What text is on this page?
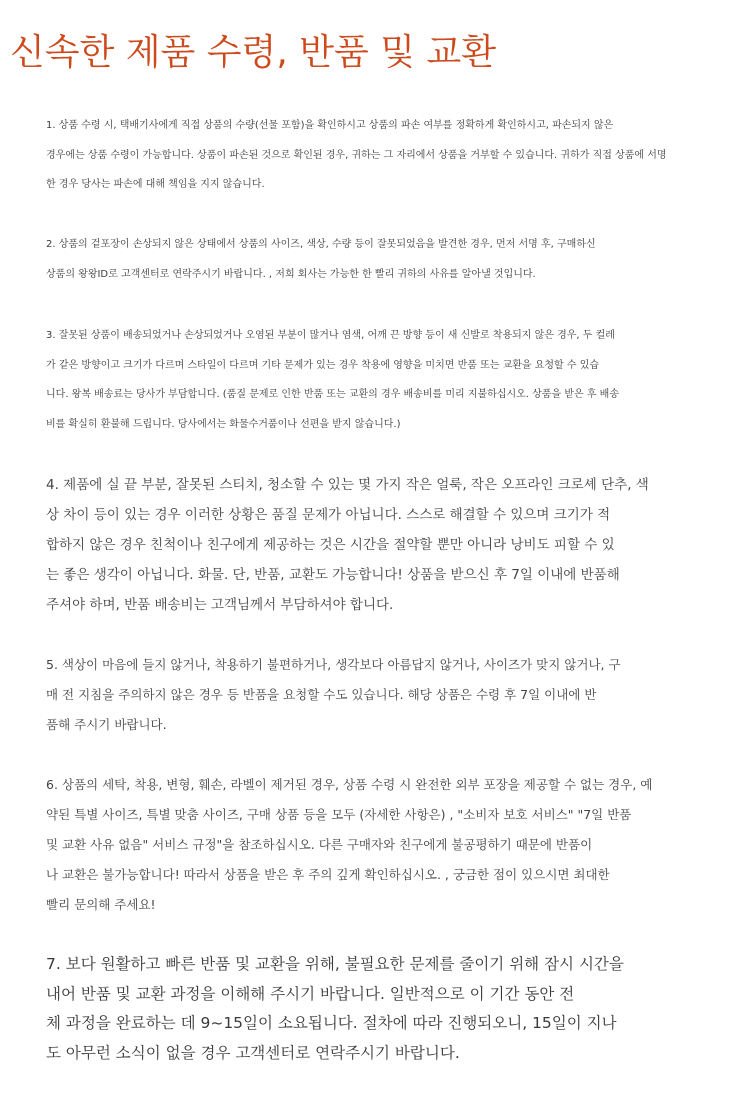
신속한 제품 수령, 반품 및 교환
1. 상품 수령 시, 택배기사에게 직접 상품의 수량(선물 포함)을 확인하시고 상품의 파손 여부를 정확하게 확인하시고, 파손되지 않은
경우에는 상품 수령이 가능합니다. 상품이 파손된 것으로 확인된 경우, 귀하는 그 자리에서 상품을 거부할 수 있습니다. 귀하가 직접 상품에 서명
한 경우 당사는 파손에 대해 책임을 지지 않습니다.
2. 상품의 겉포장이 손상되지 않은 상태에서 상품의 사이즈, 색상, 수량 등이 잘못되었음을 발견한 경우, 먼저 서명 후, 구매하신
상품의 왕왕ID로 고객센터로 연락주시기 바랍니다. , 저희 회사는 가능한 한 빨리 귀하의 사유를 알아낼 것입니다.
3. 잘못된 상품이 배송되었거나 손상되었거나 오염된 부분이 많거나 염색, 어깨 끈 방향 등이 새 신발로 착용되지 않은 경우, 두 컬레
가 같은 방향이고 크기가 다르며 스타일이 다르며 기타 문제가 있는 경우 착용에 영향을 미치면 반품 또는 교환을 요청할 수 있습
니다. 왕복 배송료는 당사가 부담합니다. (품질 문제로 인한 반품 또는 교환의 경우 배송비를 미리 지불하십시오. 상품을 받은 후 배송
비를 확실히 환불해 드립니다. 당사에서는 화물수거품이나 선편을 받지 않습니다.)
4. 제품에 실 끝 부분, 잘못된 스티치, 청소할 수 있는 몇 가지 작은 얼룩, 작은 오프라인 크로셰 단추, 색
상 차이 등이 있는 경우 이러한 상황은 품질 문제가 아닙니다. 스스로 해결할 수 있으며 크기가 적
합하지 않은 경우 친척이나 친구에게 제공하는 것은 시간을 절약할 뿐만 아니라 낭비도 피할 수 있
는 좋은 생각이 아닙니다. 화물. 단, 반품, 교환도 가능합니다! 상품을 받으신 후 7일 이내에 반품해
주셔야 하며, 반품 배송비는 고객님께서 부담하셔야 합니다.
5. 색상이 마음에 들지 않거나, 착용하기 불편하거나, 생각보다 아름답지 않거나, 사이즈가 맞지 않거나, 구
매 전 지침을 주의하지 않은 경우 등 반품을 요청할 수도 있습니다. 해당 상품은 수령 후 7일 이내에 반
품해 주시기 바랍니다.
6. 상품의 세탁, 착용, 변형, 훼손, 라벨이 제거된 경우, 상품 수령 시 완전한 외부 포장을 제공할 수 없는 경우, 예
약된 특별 사이즈, 특별 맞춤 사이즈, 구매 상품 등을 모두 (자세한 사항은) , "소비자 보호 서비스" "7일 반품
및 교환 사유 없음" 서비스 규정"을 참조하십시오. 다른 구매자와 친구에게 불공평하기 때문에 반품이
나 교환은 불가능합니다! 따라서 상품을 받은 후 주의 깊게 확인하십시오. , 궁금한 점이 있으시면 최대한
빨리 문의해 주세요!
7. 보다 원활하고 빠른 반품 및 교환을 위해, 불필요한 문제를 줄이기 위해 잠시 시간을
내어 반품 및 교환 과정을 이해해 주시기 바랍니다. 일반적으로 이 기간 동안 전
체 과정을 완료하는 데 9~15일이 소요됩니다. 절차에 따라 진행되오니, 15일이 지나
도 아무런 소식이 없을 경우 고객센터로 연락주시기 바랍니다.
